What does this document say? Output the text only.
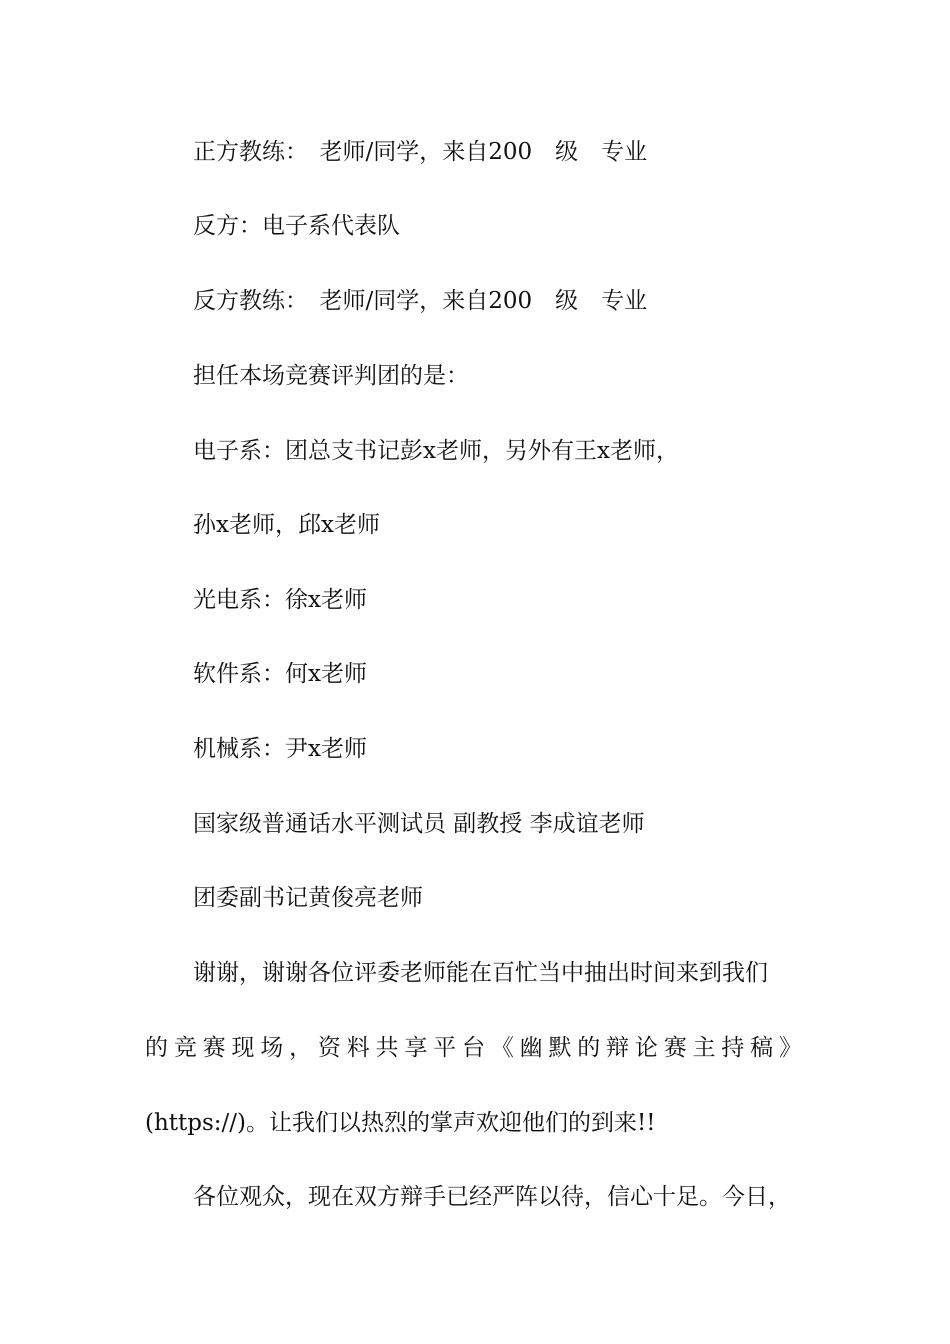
正方教练：　老师/同学，来自200　级　专业
反方：电子系代表队
反方教练：　老师/同学，来自200　级　专业
担任本场竞赛评判团的是：
电子系：团总支书记彭x老师，另外有王x老师，
孙x老师，邱x老师
光电系：徐x老师
软件系：何x老师
机械系：尹x老师
国家级普通话水平测试员 副教授 李成谊老师
团委副书记黄俊亮老师
谢谢，谢谢各位评委老师能在百忙当中抽出时间来到我们
的竞赛现场，资料共享平台《幽默的辩论赛主持稿》
(https://)。让我们以热烈的掌声欢迎他们的到来!!
各位观众，现在双方辩手已经严阵以待，信心十足。今日，
